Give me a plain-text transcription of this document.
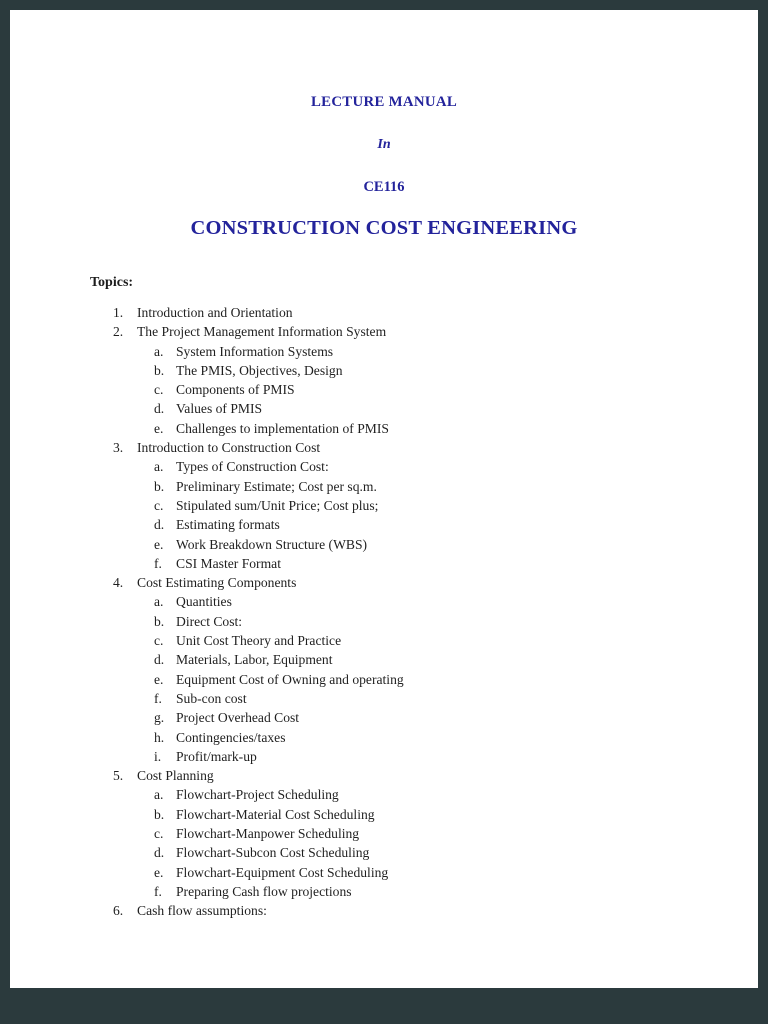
LECTURE MANUAL
In
CE116
CONSTRUCTION COST ENGINEERING
Topics:
1.	Introduction and Orientation
2.	The Project Management Information System
a. System Information Systems
b. The PMIS, Objectives, Design
c. Components of PMIS
d. Values of PMIS
e. Challenges to implementation of PMIS
3.	Introduction to Construction Cost
a. Types of Construction Cost:
b. Preliminary Estimate; Cost per sq.m.
c. Stipulated sum/Unit Price; Cost plus;
d. Estimating formats
e. Work Breakdown Structure (WBS)
f.	CSI Master Format
4.	Cost Estimating Components
a. Quantities
b. Direct Cost:
c. Unit Cost Theory and Practice
d. Materials, Labor, Equipment
e. Equipment Cost of Owning and operating
f.	Sub-con cost
g. Project Overhead Cost
h. Contingencies/taxes
i.	Profit/mark-up
5.	Cost Planning
a. Flowchart-Project Scheduling
b. Flowchart-Material Cost Scheduling
c. Flowchart-Manpower Scheduling
d. Flowchart-Subcon Cost Scheduling
e. Flowchart-Equipment Cost Scheduling
f.	Preparing Cash flow projections
6.	Cash flow assumptions:
